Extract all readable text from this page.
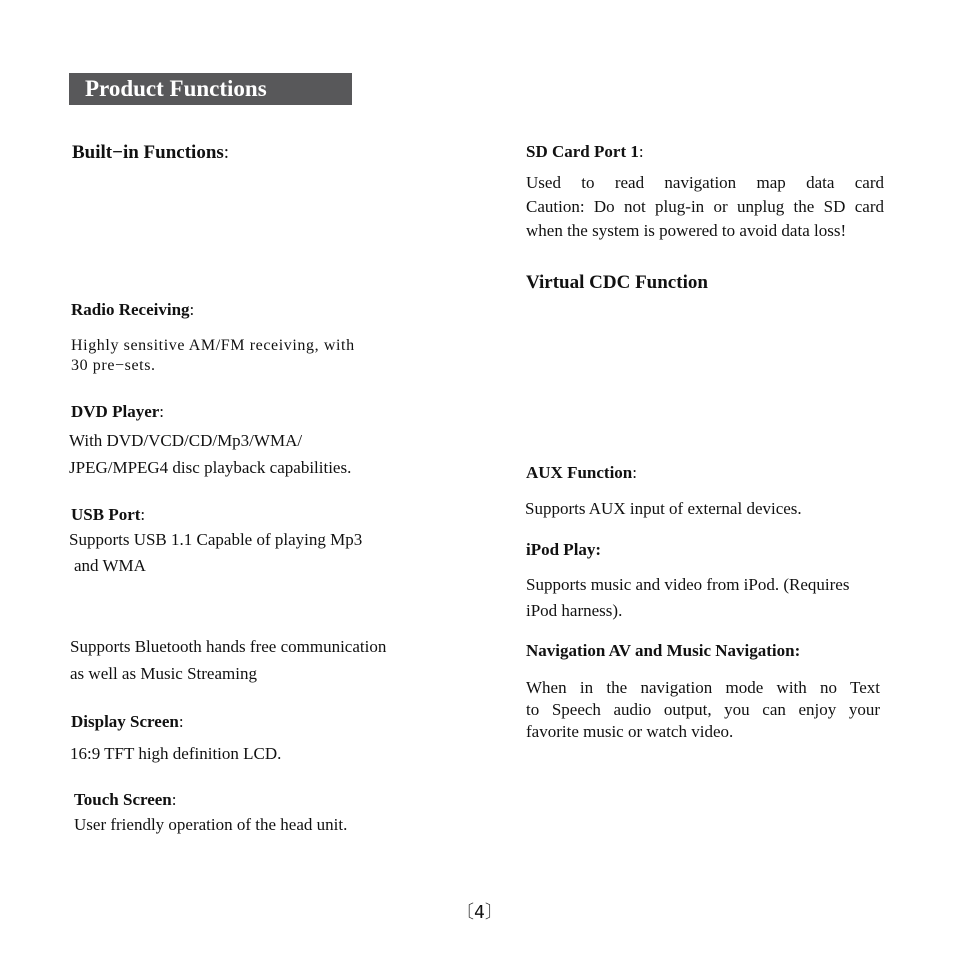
Product Functions
Built−in Functions:
Radio Receiving:
Highly sensitive AM/FM receiving, with
30 pre−sets.
DVD Player:
With DVD/VCD/CD/Mp3/WMA/
JPEG/MPEG4 disc playback capabilities.
USB Port:
Supports USB 1.1 Capable of playing Mp3
and WMA
Supports Bluetooth hands free communication
as well as Music Streaming
Display Screen:
16:9 TFT high definition LCD.
Touch Screen:
User friendly operation of the head unit.
SD Card Port 1:
Used to read navigation map data card
Caution: Do not plug-in or unplug the SD card
when the system is powered to avoid data loss!
Virtual CDC Function
AUX Function:
Supports AUX input of external devices.
iPod Play:
Supports music and video from iPod. (Requires
iPod harness).
Navigation AV and Music Navigation:
When in the navigation mode with no Text
to Speech audio output, you can enjoy your
favorite music or watch video.
〔4〕
